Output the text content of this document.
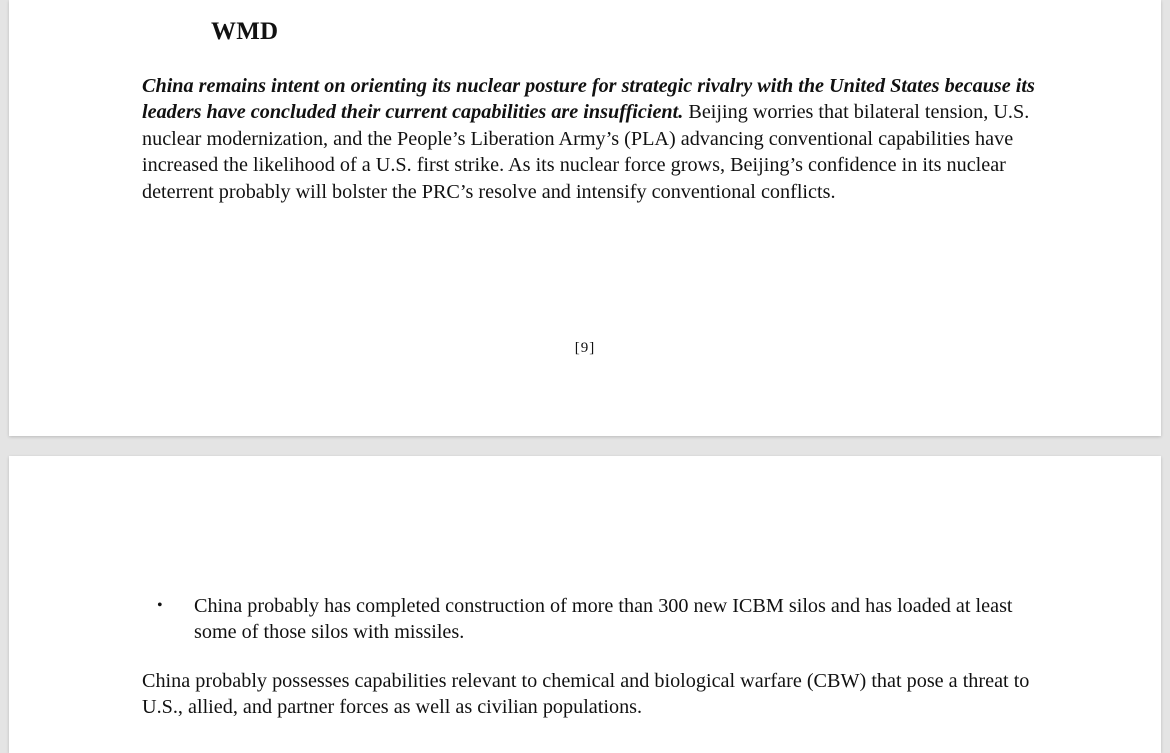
WMD

China remains intent on orienting its nuclear posture for strategic rivalry with the United States because its leaders have concluded their current capabilities are insufficient. Beijing worries that bilateral tension, U.S. nuclear modernization, and the People’s Liberation Army’s (PLA) advancing conventional capabilities have increased the likelihood of a U.S. first strike. As its nuclear force grows, Beijing’s confidence in its nuclear deterrent probably will bolster the PRC’s resolve and intensify conventional conflicts.

[9]
•	China probably has completed construction of more than 300 new ICBM silos and has loaded at least some of those silos with missiles.

China probably possesses capabilities relevant to chemical and biological warfare (CBW) that pose a threat to U.S., allied, and partner forces as well as civilian populations.
